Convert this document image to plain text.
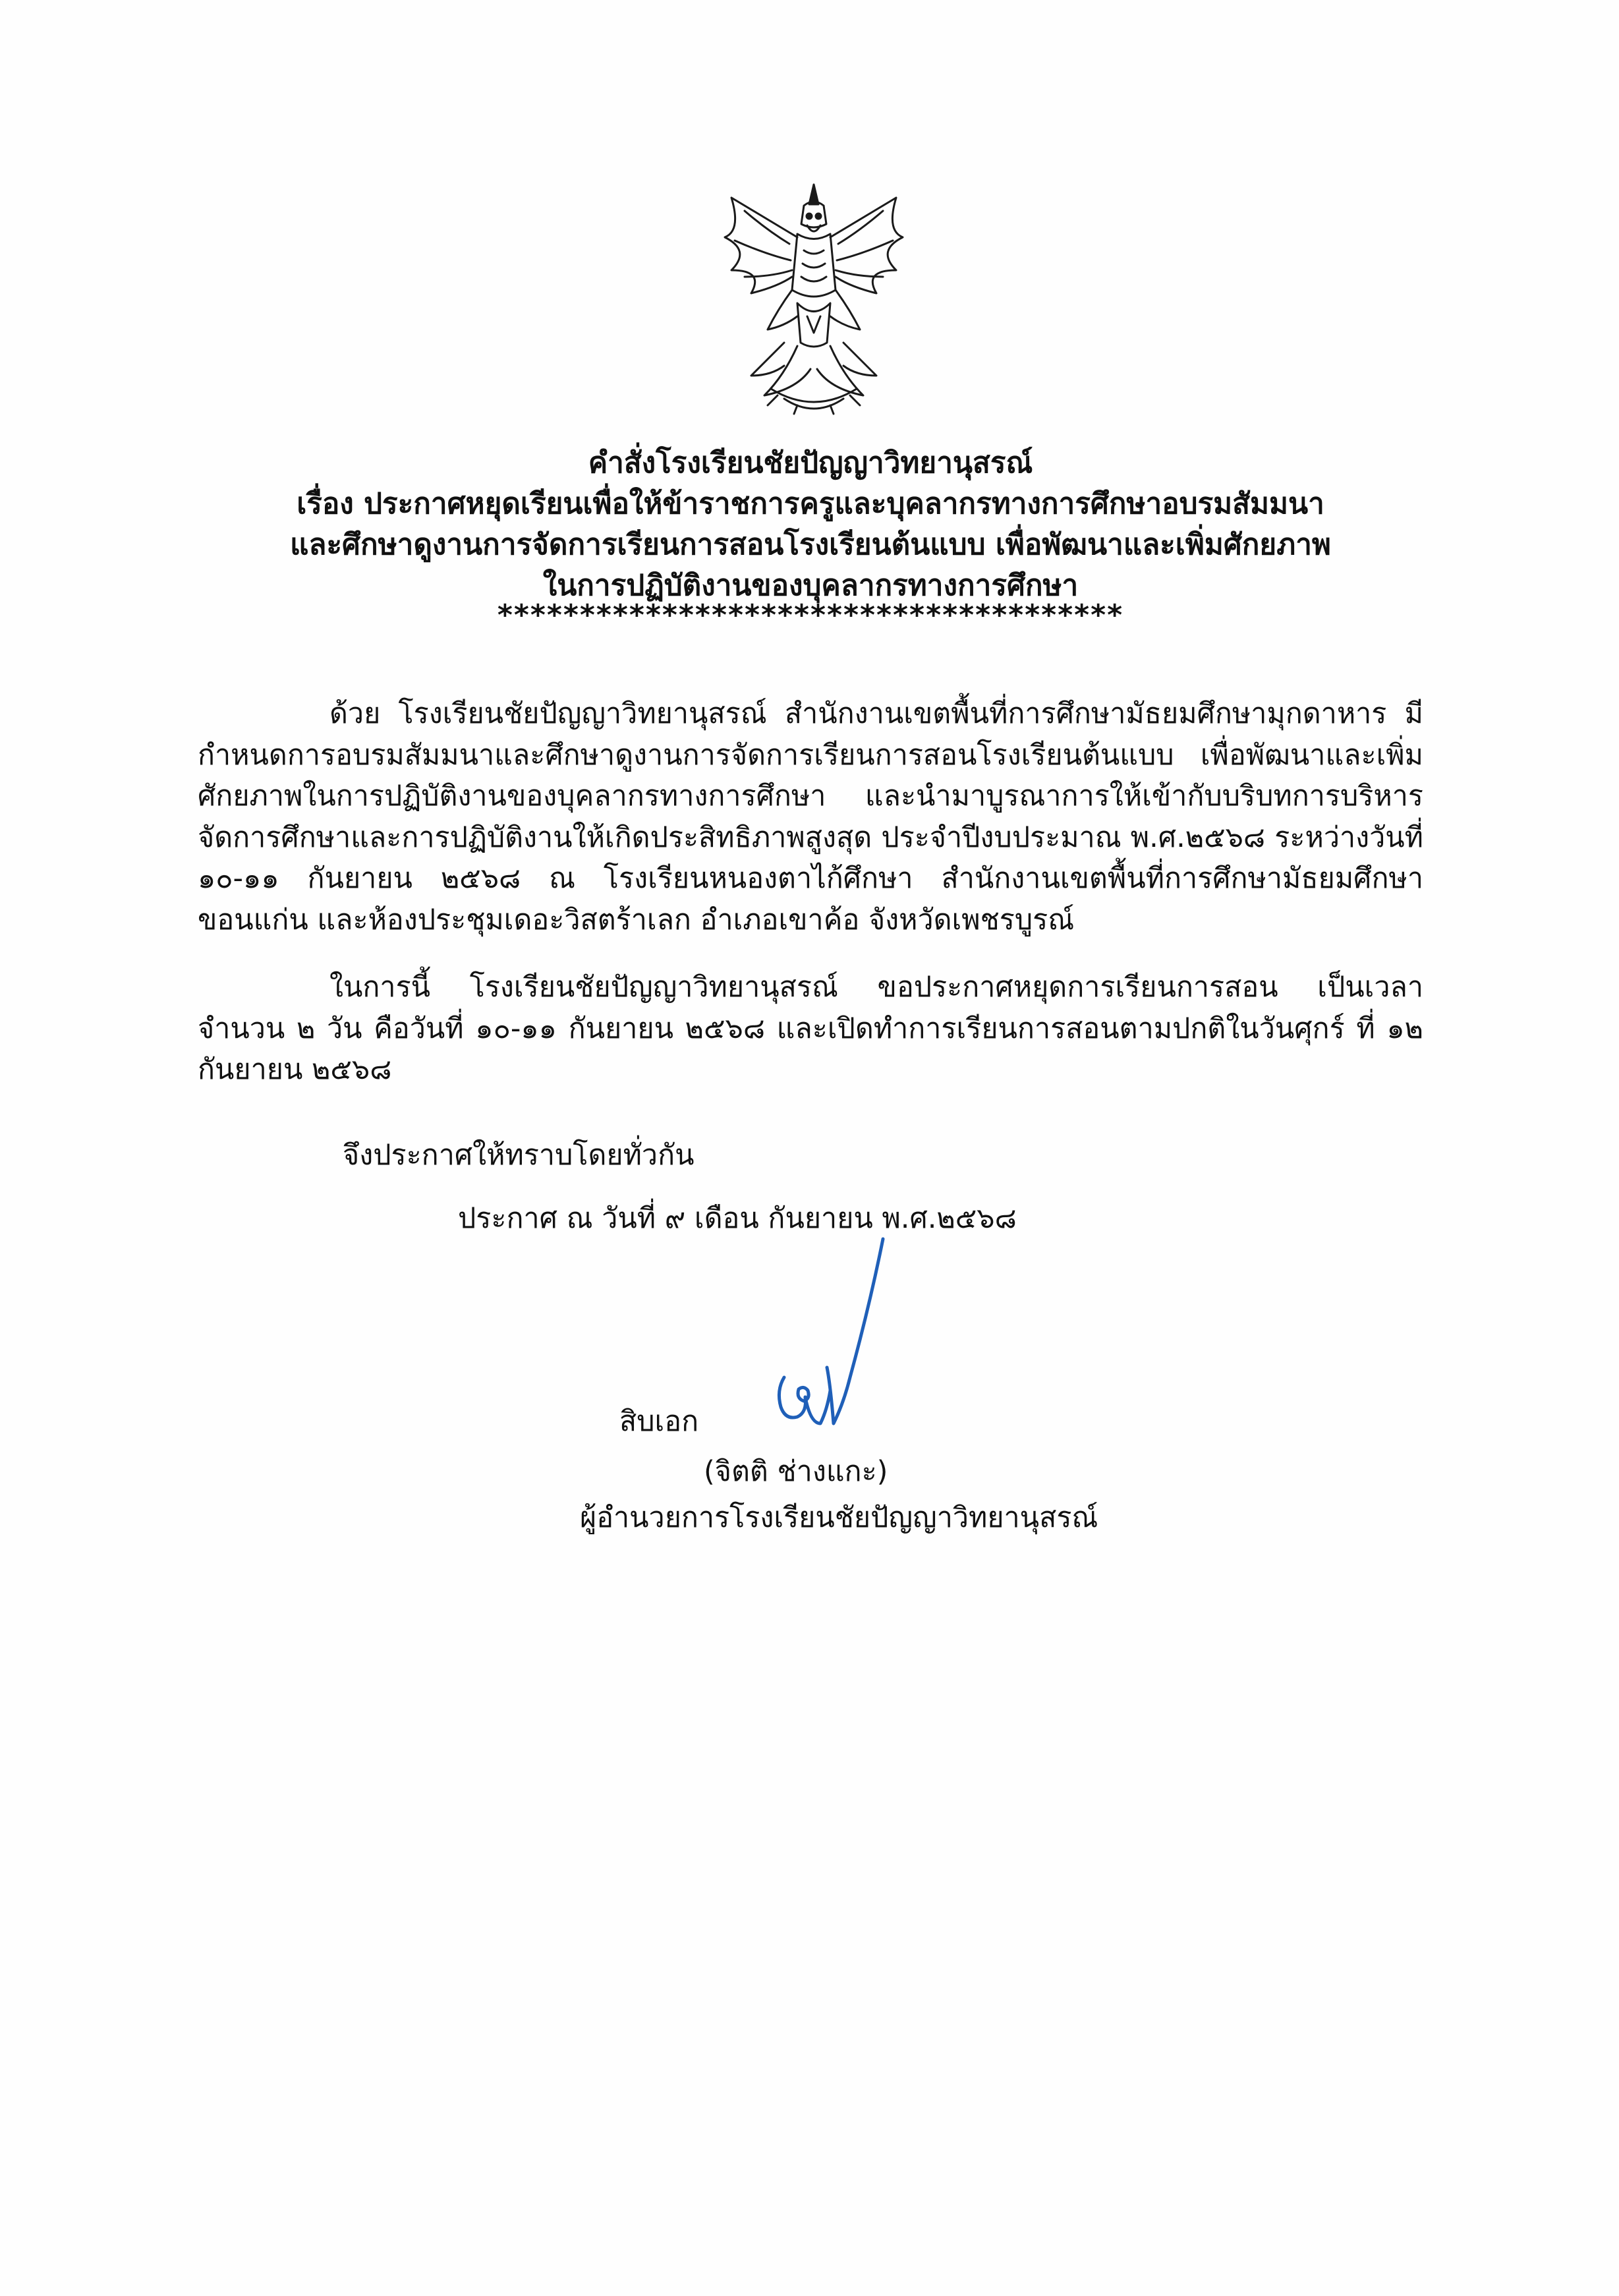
คำสั่งโรงเรียนชัยปัญญาวิทยานุสรณ์
เรื่อง ประกาศหยุดเรียนเพื่อให้ข้าราชการครูและบุคลากรทางการศึกษาอบรมสัมมนา
และศึกษาดูงานการจัดการเรียนการสอนโรงเรียนต้นแบบ เพื่อพัฒนาและเพิ่มศักยภาพ
ในการปฏิบัติงานของบุคลากรทางการศึกษา
**************************************

ด้วย โรงเรียนชัยปัญญาวิทยานุสรณ์ สำนักงานเขตพื้นที่การศึกษามัธยมศึกษามุกดาหาร มีกำหนดการอบรมสัมมนาและศึกษาดูงานการจัดการเรียนการสอนโรงเรียนต้นแบบ เพื่อพัฒนาและเพิ่มศักยภาพในการปฏิบัติงานของบุคลากรทางการศึกษา และนำมาบูรณาการให้เข้ากับบริบทการบริหารจัดการศึกษาและการปฏิบัติงานให้เกิดประสิทธิภาพสูงสุด ประจำปีงบประมาณ พ.ศ.๒๕๖๘ ระหว่างวันที่ ๑๐-๑๑ กันยายน ๒๕๖๘ ณ โรงเรียนหนองตาไก้ศึกษา สำนักงานเขตพื้นที่การศึกษามัธยมศึกษาขอนแก่น และห้องประชุมเดอะวิสตร้าเลก อำเภอเขาค้อ จังหวัดเพชรบูรณ์

ในการนี้ โรงเรียนชัยปัญญาวิทยานุสรณ์ ขอประกาศหยุดการเรียนการสอน เป็นเวลา จำนวน ๒ วัน คือวันที่ ๑๐-๑๑ กันยายน ๒๕๖๘ และเปิดทำการเรียนการสอนตามปกติในวันศุกร์ ที่ ๑๒ กันยายน ๒๕๖๘

จึงประกาศให้ทราบโดยทั่วกัน
ประกาศ ณ วันที่ ๙ เดือน กันยายน พ.ศ.๒๕๖๘
สิบเอก
(จิตติ ช่างแกะ)
ผู้อำนวยการโรงเรียนชัยปัญญาวิทยานุสรณ์
